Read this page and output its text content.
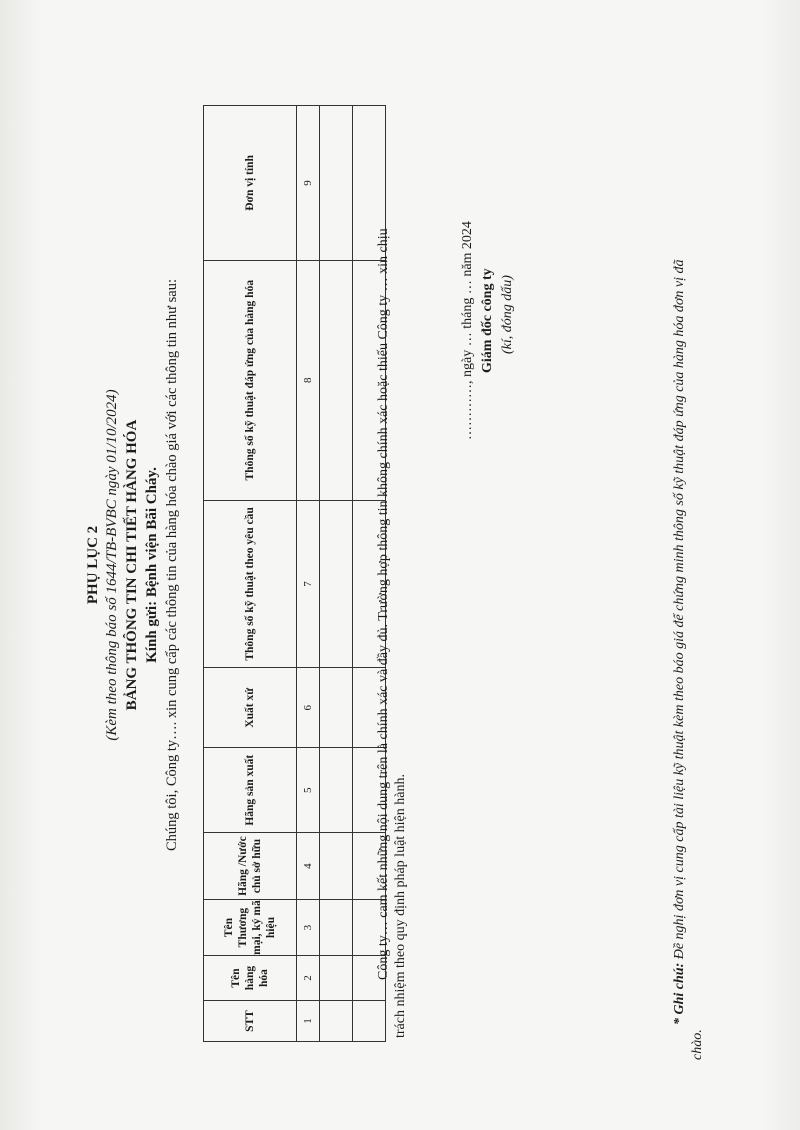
PHỤ LỤC 2 (Kèm theo thông báo số 1644/TB-BVBC ngày 01/10/2024) BẢNG THÔNG TIN CHI TIẾT HÀNG HÓA Kính gửi: Bệnh viện Bãi Cháy. Chúng tôi, Công ty…. xin cung cấp các thông tin của hàng hóa chào giá với các thông tin như sau:
STT	Tên hàng hóa	Tên Thương mại, ký mã hiệu	Hãng /Nước chủ sở hữu	Hãng sản xuất	Xuất xứ	Thông số kỹ thuật theo yêu cầu	Thông số kỹ thuật đáp ứng của hàng hóa	Đơn vị tính
1	2	3	4	5	6	7	8	9

Công ty… cam kết những nội dung trên là chính xác và đầy đủ. Trường hợp thông tin không chính xác hoặc thiếu Công ty … xin chịu trách nhiệm theo quy định pháp luật hiện hành.
…………, ngày … tháng … năm 2024 Giám đốc công ty (kí, đóng dấu)
* Ghi chú: Đề nghị đơn vị cung cấp tài liệu kỹ thuật kèm theo báo giá để chứng minh thông số kỹ thuật đáp ứng của hàng hóa đơn vị đã
chào.
